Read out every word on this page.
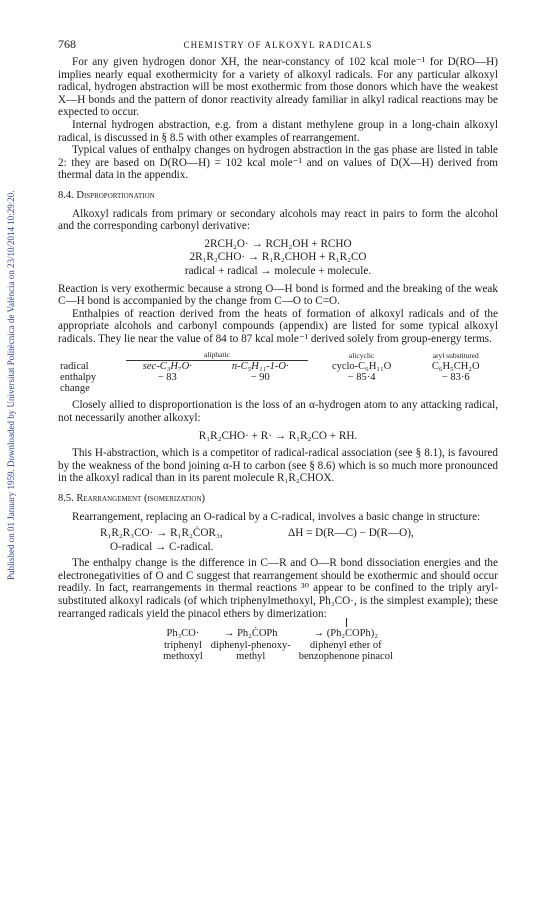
Published on 01 January 1959. Downloaded by Universitat Politècnica de València on 23/10/2014 10:29:20.
768	CHEMISTRY OF ALKOXYL RADICALS

For any given hydrogen donor XH, the near-constancy of 102 kcal mole⁻¹ for D(RO—H) implies nearly equal exothermicity for a variety of alkoxyl radicals. For any particular alkoxyl radical, hydrogen abstraction will be most exothermic from those donors which have the weakest X—H bonds and the pattern of donor reactivity already familiar in alkyl radical reactions may be expected to occur.

Internal hydrogen abstraction, e.g. from a distant methylene group in a long-chain alkoxyl radical, is discussed in § 8.5 with other examples of rearrangement.

Typical values of enthalpy changes on hydrogen abstraction in the gas phase are listed in table 2: they are based on D(RO—H) = 102 kcal mole⁻¹ and on values of D(X—H) derived from thermal data in the appendix.

8.4. Disproportionation

Alkoxyl radicals from primary or secondary alcohols may react in pairs to form the alcohol and the corresponding carbonyl derivative:

2RCH₂O· → RCH₂OH + RCHO
2R₁R₂CHO· → R₁R₂CHOH + R₁R₂CO
radical + radical → molecule + molecule.

Reaction is very exothermic because a strong O—H bond is formed and the breaking of the weak C—H bond is accompanied by the change from C—O to C=O.

Enthalpies of reaction derived from the heats of formation of alkoxyl radicals and of the appropriate alcohols and carbonyl compounds (appendix) are listed for some typical alkoxyl radicals. They lie near the value of 84 to 87 kcal mole⁻¹ derived solely from group-energy terms.

	aliphatic		alicyclic	aryl substituted
radical	sec-C₃H₇O·	n-C₅H₁₁-1-O·	cyclo-C₆H₁₁O	C₆H₅CH₂O

enthalpy
change	− 83	− 90	− 85·4	− 83·6

Closely allied to disproportionation is the loss of an α-hydrogen atom to any attacking radical, not necessarily another alkoxyl:

R₁R₂CHO· + R· → R₁R₂CO + RH.

This H-abstraction, which is a competitor of radical-radical association (see § 8.1), is favoured by the weakness of the bond joining α-H to carbon (see § 8.6) which is so much more pronounced in the alkoxyl radical than in its parent molecule R₁R₂CHOX.

8.5. Rearrangement (isomerization)

Rearrangement, replacing an O-radical by a C-radical, involves a basic change in structure:

R₁R₂R₃CO· → R₁R₂ĊOR₃,	ΔH = D(R—C) − D(R—O),
O-radical → C-radical.

The enthalpy change is the difference in C—R and O—R bond dissociation energies and the electronegativities of O and C suggest that rearrangement should be exothermic and should occur readily. In fact, rearrangements in thermal reactions ³⁰ appear to be confined to the triply aryl-substituted alkoxyl radicals (of which triphenylmethoxyl, Ph₃CO·, is the simplest example); these rearranged radicals yield the pinacol ethers by dimerization:

Ph₃CO·	→ Ph₂ĊOPh	→ (Ph₂COPh)₂
triphenyl
methoxyl	diphenyl-phenoxy-
methyl	diphenyl ether of
benzophenone pinacol
